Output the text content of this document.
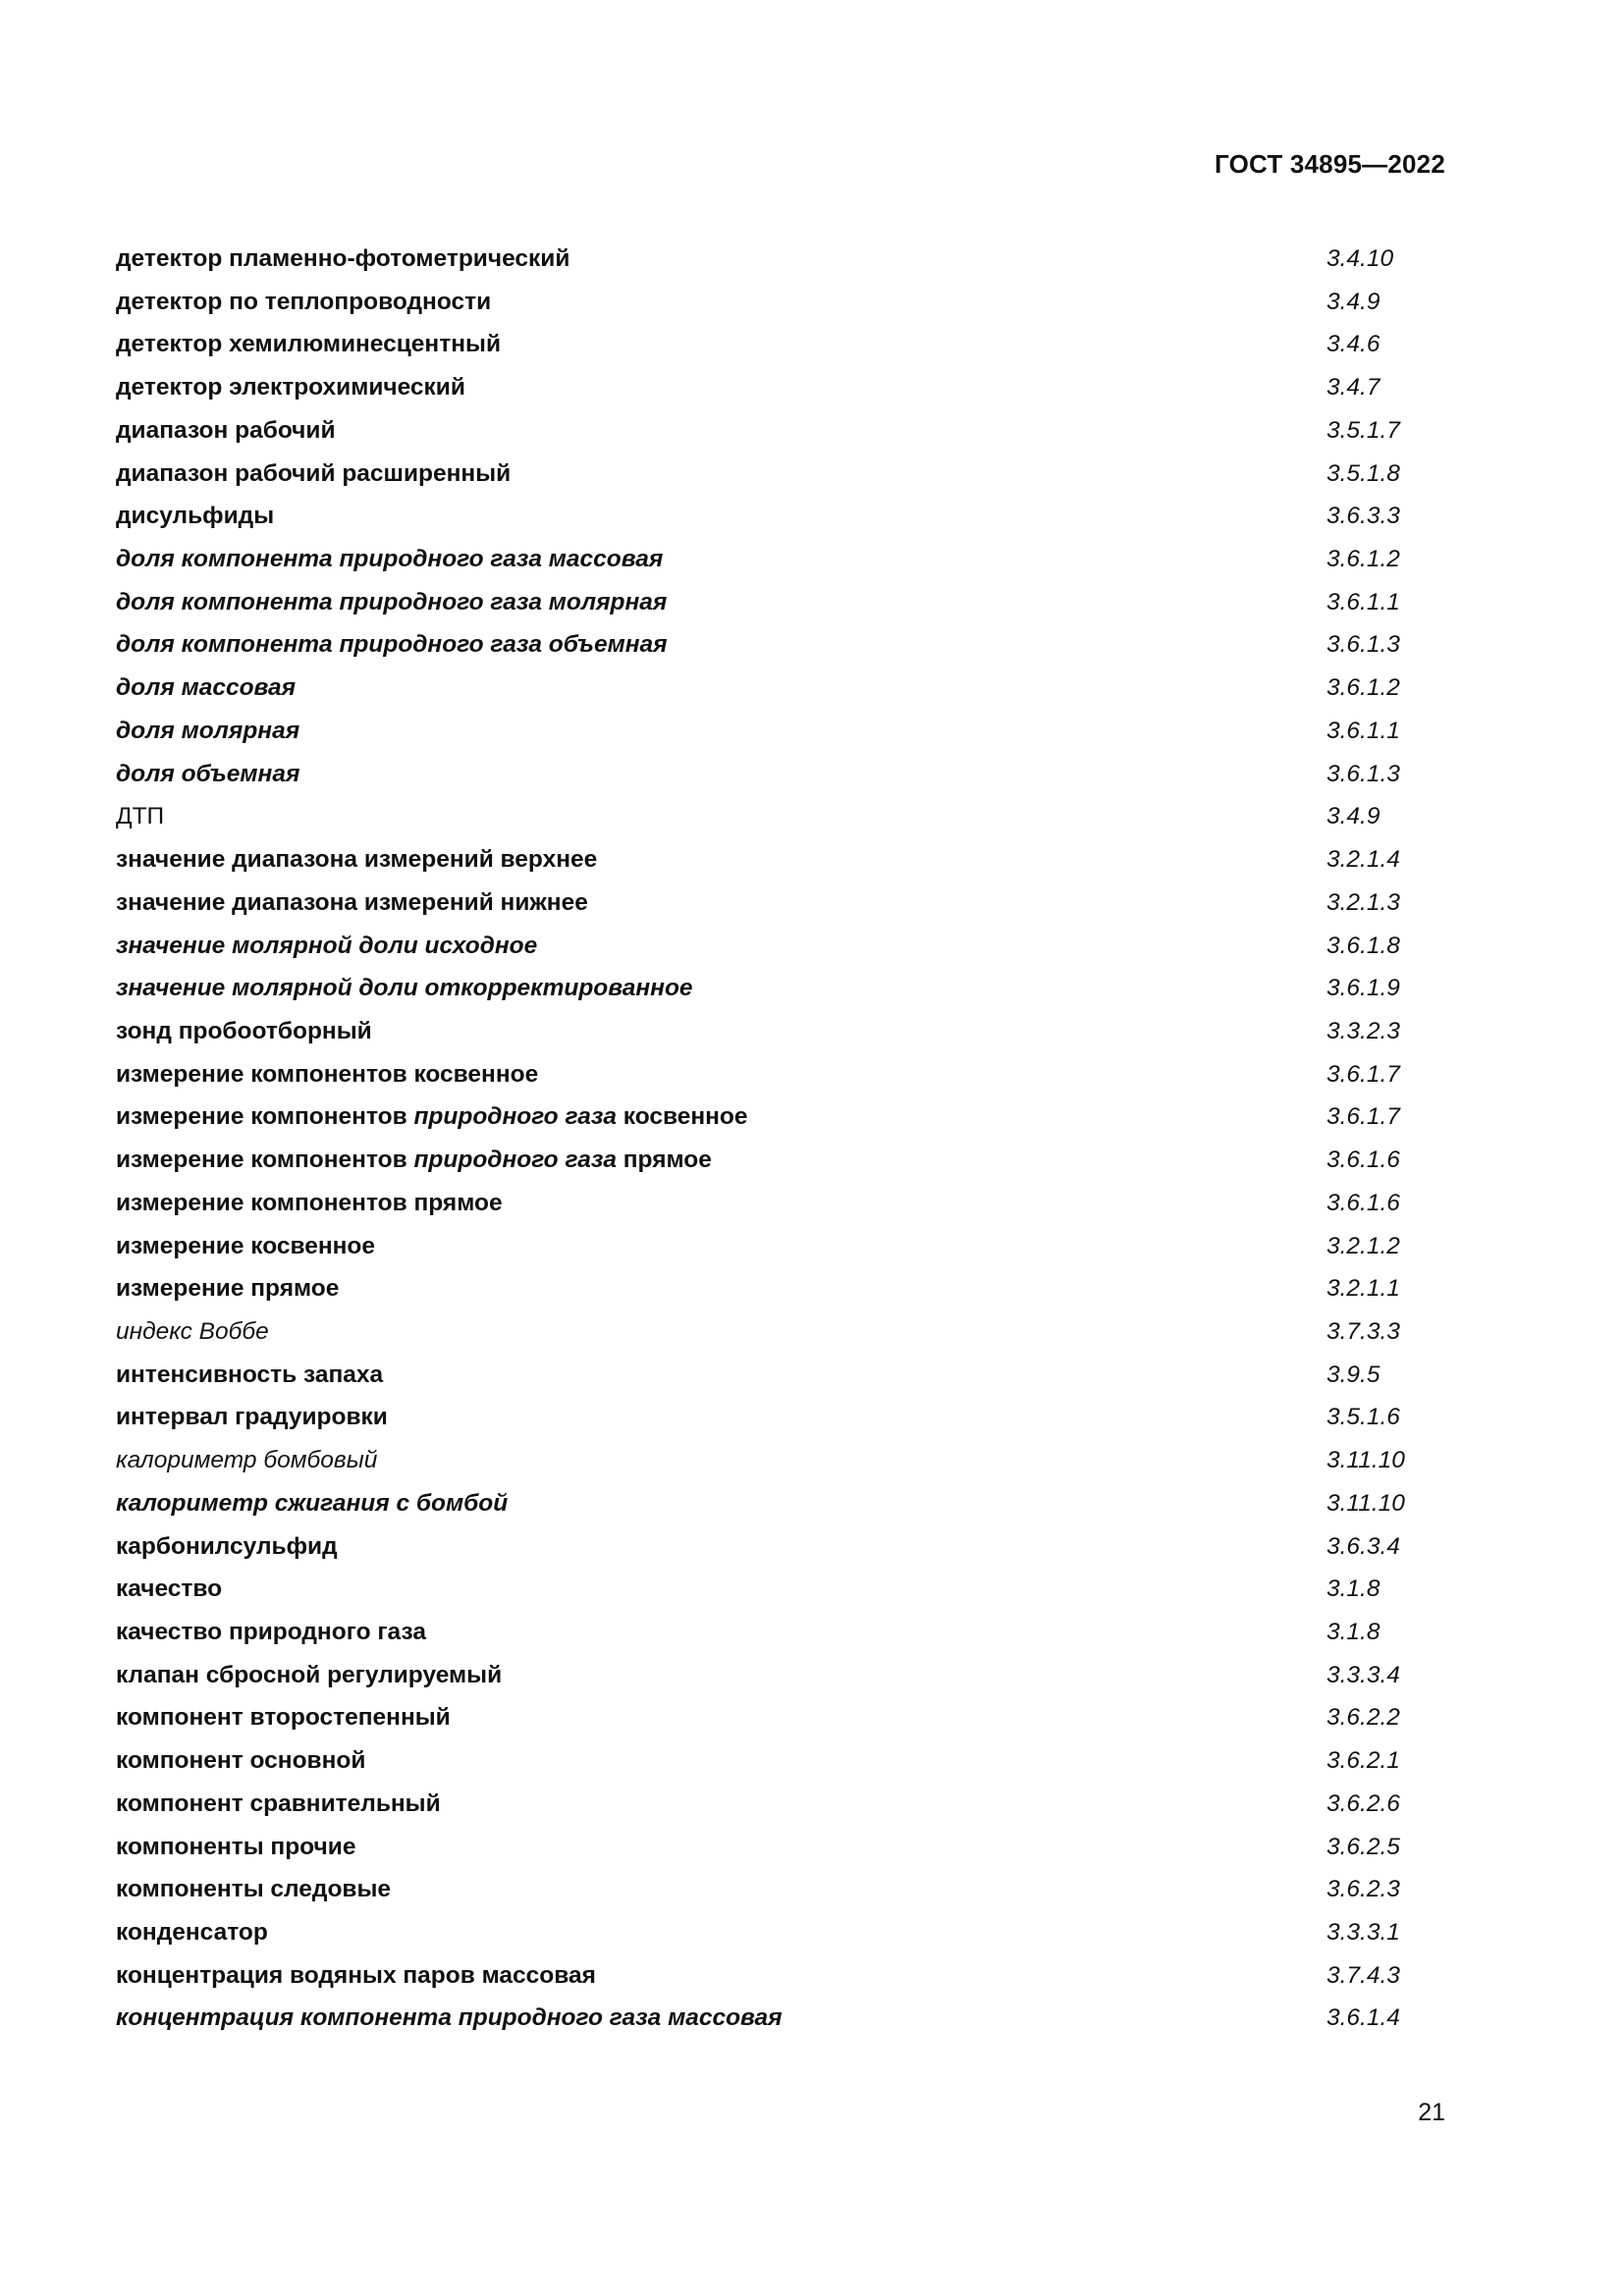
ГОСТ 34895—2022
детектор пламенно-фотометрический	3.4.10
детектор по теплопроводности	3.4.9
детектор хемилюминесцентный	3.4.6
детектор электрохимический	3.4.7
диапазон рабочий	3.5.1.7
диапазон рабочий расширенный	3.5.1.8
дисульфиды	3.6.3.3
доля компонента природного газа массовая	3.6.1.2
доля компонента природного газа молярная	3.6.1.1
доля компонента природного газа объемная	3.6.1.3
доля массовая	3.6.1.2
доля молярная	3.6.1.1
доля объемная	3.6.1.3
ДТП	3.4.9
значение диапазона измерений верхнее	3.2.1.4
значение диапазона измерений нижнее	3.2.1.3
значение молярной доли исходное	3.6.1.8
значение молярной доли откорректированное	3.6.1.9
зонд пробоотборный	3.3.2.3
измерение компонентов косвенное	3.6.1.7
измерение компонентов природного газа косвенное	3.6.1.7
измерение компонентов природного газа прямое	3.6.1.6
измерение компонентов прямое	3.6.1.6
измерение косвенное	3.2.1.2
измерение прямое	3.2.1.1
индекс Воббе	3.7.3.3
интенсивность запаха	3.9.5
интервал градуировки	3.5.1.6
калориметр бомбовый	3.11.10
калориметр сжигания с бомбой	3.11.10
карбонилсульфид	3.6.3.4
качество	3.1.8
качество природного газа	3.1.8
клапан сбросной регулируемый	3.3.3.4
компонент второстепенный	3.6.2.2
компонент основной	3.6.2.1
компонент сравнительный	3.6.2.6
компоненты прочие	3.6.2.5
компоненты следовые	3.6.2.3
конденсатор	3.3.3.1
концентрация водяных паров массовая	3.7.4.3
концентрация компонента природного газа массовая	3.6.1.4
21
